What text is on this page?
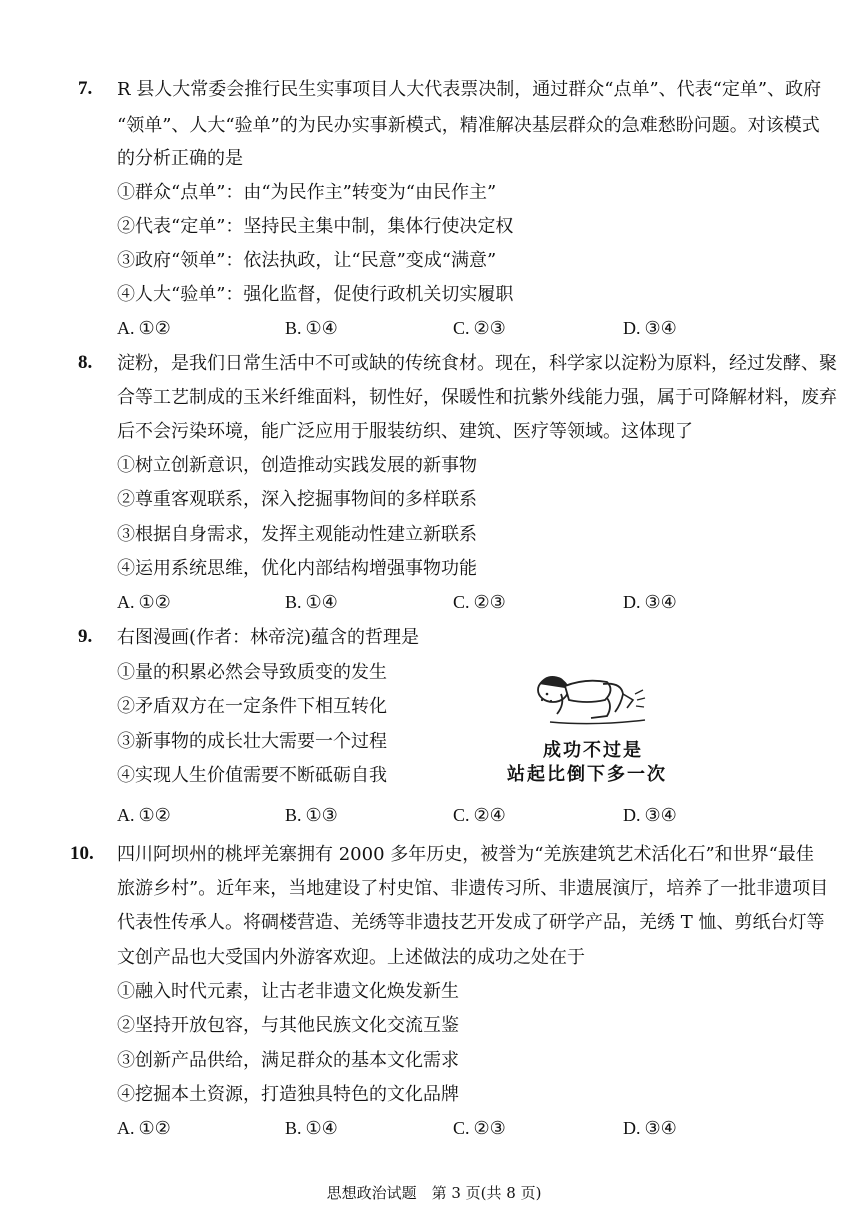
7. R 县人大常委会推行民生实事项目人大代表票决制，通过群众“点单”、代表“定单”、政府
“领单”、人大“验单”的为民办实事新模式，精准解决基层群众的急难愁盼问题。对该模式
的分析正确的是
①群众“点单”：由“为民作主”转变为“由民作主”
②代表“定单”：坚持民主集中制，集体行使决定权
③政府“领单”：依法执政，让“民意”变成“满意”
④人大“验单”：强化监督，促使行政机关切实履职
A. ①②	B. ①④	C. ②③	D. ③④
8. 淀粉，是我们日常生活中不可或缺的传统食材。现在，科学家以淀粉为原料，经过发酵、聚
合等工艺制成的玉米纤维面料，韧性好，保暖性和抗紫外线能力强，属于可降解材料，废弃
后不会污染环境，能广泛应用于服装纺织、建筑、医疗等领域。这体现了
①树立创新意识，创造推动实践发展的新事物
②尊重客观联系，深入挖掘事物间的多样联系
③根据自身需求，发挥主观能动性建立新联系
④运用系统思维，优化内部结构增强事物功能
A. ①②	B. ①④	C. ②③	D. ③④
9. 右图漫画(作者：林帝浣)蕴含的哲理是
①量的积累必然会导致质变的发生
②矛盾双方在一定条件下相互转化
③新事物的成长壮大需要一个过程
④实现人生价值需要不断砥砺自我
A. ①②	B. ①③	C. ②④	D. ③④
成功不过是
站起比倒下多一次
10. 四川阿坝州的桃坪羌寨拥有 2000 多年历史，被誉为“羌族建筑艺术活化石”和世界“最佳
旅游乡村”。近年来，当地建设了村史馆、非遗传习所、非遗展演厅，培养了一批非遗项目
代表性传承人。将碉楼营造、羌绣等非遗技艺开发成了研学产品，羌绣 T 恤、剪纸台灯等
文创产品也大受国内外游客欢迎。上述做法的成功之处在于
①融入时代元素，让古老非遗文化焕发新生
②坚持开放包容，与其他民族文化交流互鉴
③创新产品供给，满足群众的基本文化需求
④挖掘本土资源，打造独具特色的文化品牌
A. ①②	B. ①④	C. ②③	D. ③④
思想政治试题　第 3 页(共 8 页)
